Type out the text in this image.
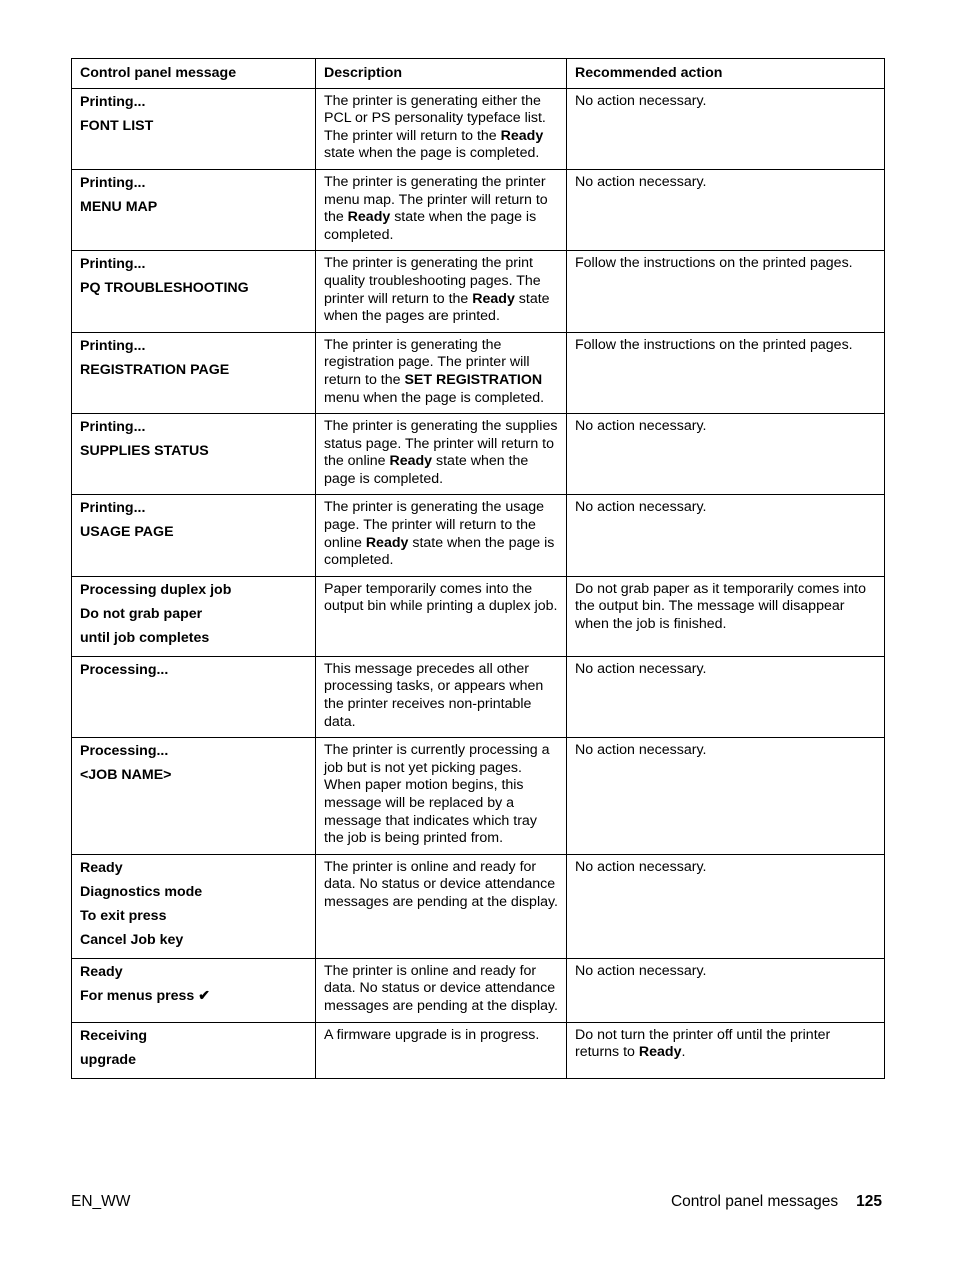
Control panel message	Description	Recommended action

Printing...
FONT LIST	The printer is generating either the PCL or PS personality typeface list. The printer will return to the Ready state when the page is completed.	No action necessary.

Printing...
MENU MAP	The printer is generating the printer menu map. The printer will return to the Ready state when the page is completed.	No action necessary.

Printing...
PQ TROUBLESHOOTING	The printer is generating the print quality troubleshooting pages. The printer will return to the Ready state when the pages are printed.	Follow the instructions on the printed pages.

Printing...
REGISTRATION PAGE	The printer is generating the registration page. The printer will return to the SET REGISTRATION menu when the page is completed.	Follow the instructions on the printed pages.

Printing...
SUPPLIES STATUS	The printer is generating the supplies status page. The printer will return to the online Ready state when the page is completed.	No action necessary.

Printing...
USAGE PAGE	The printer is generating the usage page. The printer will return to the online Ready state when the page is completed.	No action necessary.

Processing duplex job
Do not grab paper
until job completes	Paper temporarily comes into the output bin while printing a duplex job.	Do not grab paper as it temporarily comes into the output bin. The message will disappear when the job is finished.

Processing...	This message precedes all other processing tasks, or appears when the printer receives non-printable data.	No action necessary.

Processing...
<JOB NAME>	The printer is currently processing a job but is not yet picking pages. When paper motion begins, this message will be replaced by a message that indicates which tray the job is being printed from.	No action necessary.

Ready
Diagnostics mode
To exit press
Cancel Job key	The printer is online and ready for data. No status or device attendance messages are pending at the display.	No action necessary.

Ready
For menus press ✔	The printer is online and ready for data. No status or device attendance messages are pending at the display.	No action necessary.

Receiving
upgrade	A firmware upgrade is in progress.	Do not turn the printer off until the printer returns to Ready.
EN_WW	Control panel messages 125
